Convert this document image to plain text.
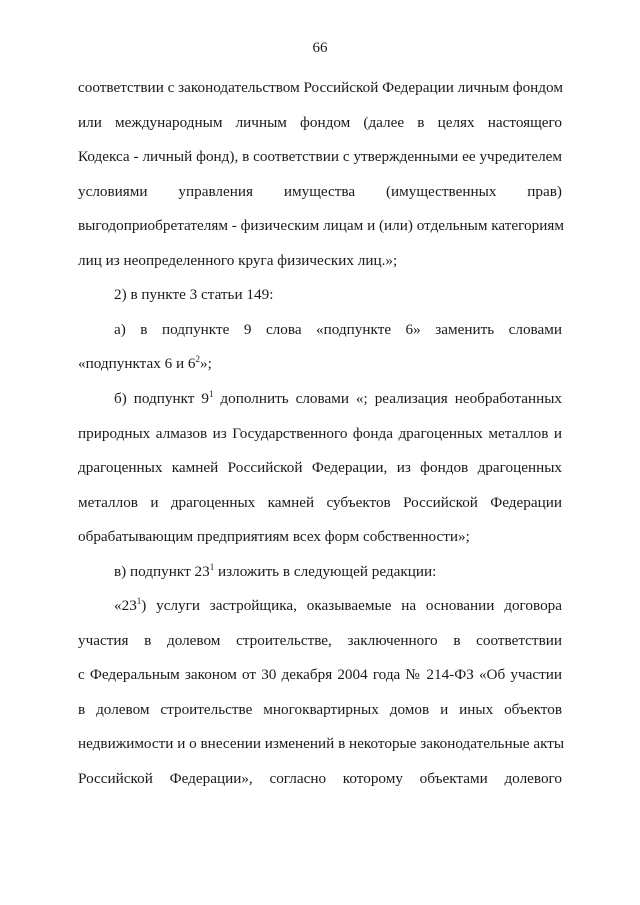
66
соответствии с законодательством Российской Федерации личным фондом
или международным личным фондом (далее в целях настоящего
Кодекса - личный фонд), в соответствии с утвержденными ее учредителем
условиями управления имущества (имущественных прав)
выгодоприобретателям - физическим лицам и (или) отдельным категориям
лиц из неопределенного круга физических лиц.»;
2) в пункте 3 статьи 149:
а) в подпункте 9 слова «подпункте 6» заменить словами
«подпунктах 6 и $6^2$»;
б) подпункт $9^1$ дополнить словами «; реализация необработанных
природных алмазов из Государственного фонда драгоценных металлов и
драгоценных камней Российской Федерации, из фондов драгоценных
металлов и драгоценных камней субъектов Российской Федерации
обрабатывающим предприятиям всех форм собственности»;
в) подпункт $23^1$ изложить в следующей редакции:
«$23^1$) услуги застройщика, оказываемые на основании договора
участия в долевом строительстве, заключенного в соответствии
с Федеральным законом от 30 декабря 2004 года № 214-ФЗ «Об участии
в долевом строительстве многоквартирных домов и иных объектов
недвижимости и о внесении изменений в некоторые законодательные акты
Российской Федерации», согласно которому объектами долевого
